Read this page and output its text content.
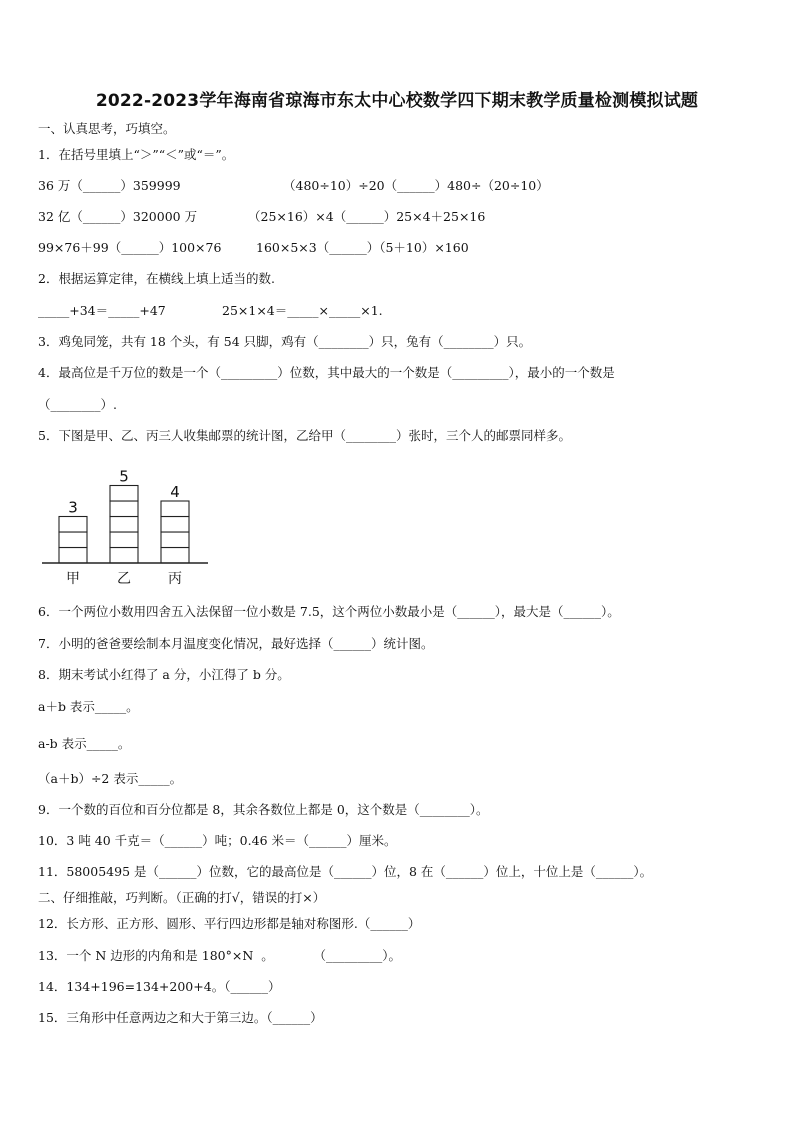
2022-2023学年海南省琼海市东太中心校数学四下期末教学质量检测模拟试题
一、认真思考，巧填空。
1．在括号里填上“＞”“＜”或“＝”。
36 万（______）359999	（480÷10）÷20（______）480÷（20÷10）
32 亿（______）320000 万	（25×16）×4（______）25×4＋25×16
99×76＋99（______）100×76	160×5×3（______）（5＋10）×160
2．根据运算定律，在横线上填上适当的数.
_____+34＝_____+47	25×1×4＝_____×_____×1.
3．鸡兔同笼，共有 18 个头，有 54 只脚，鸡有（________）只，兔有（________）只。
4．最高位是千万位的数是一个（_________）位数，其中最大的一个数是（_________），最小的一个数是
（________）.
5．下图是甲、乙、丙三人收集邮票的统计图，乙给甲（________）张时，三个人的邮票同样多。
3
甲
5
乙
4
丙
6．一个两位小数用四舍五入法保留一位小数是 7.5，这个两位小数最小是（______），最大是（______）。
7．小明的爸爸要绘制本月温度变化情况，最好选择（______）统计图。
8．期末考试小红得了 a 分，小江得了 b 分。
a＋b 表示_____。
a-b 表示_____。
（a＋b）÷2 表示_____。
9．一个数的百位和百分位都是 8，其余各数位上都是 0，这个数是（________）。
10．3 吨 40 千克＝（______）吨；0.46 米＝（______）厘米。
11．58005495 是（______）位数，它的最高位是（______）位，8 在（______）位上，十位上是（______）。
二、仔细推敲，巧判断。（正确的打√，错误的打×）
12．长方形、正方形、圆形、平行四边形都是轴对称图形.（______）
13．一个 N 边形的内角和是 180°×N  。          （_________）。
14．134+196=134+200+4。（______）
15．三角形中任意两边之和大于第三边。（______）
